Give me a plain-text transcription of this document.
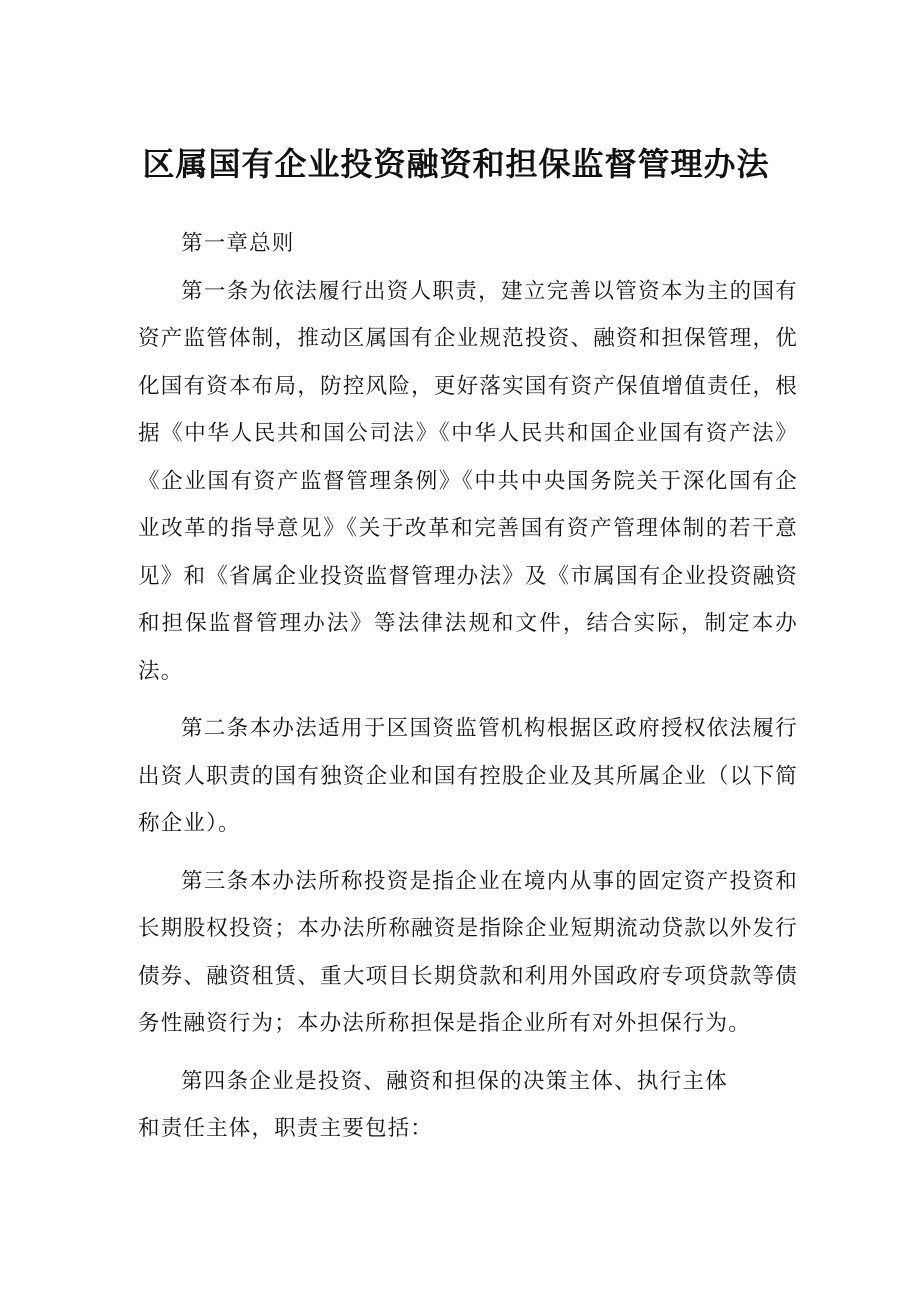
区属国有企业投资融资和担保监督管理办法

第一章总则

第一条为依法履行出资人职责，建立完善以管资本为主的国有资产监管体制，推动区属国有企业规范投资、融资和担保管理，优化国有资本布局，防控风险，更好落实国有资产保值增值责任，根据《中华人民共和国公司法》《中华人民共和国企业国有资产法》《企业国有资产监督管理条例》《中共中央国务院关于深化国有企业改革的指导意见》《关于改革和完善国有资产管理体制的若干意见》和《省属企业投资监督管理办法》及《市属国有企业投资融资和担保监督管理办法》等法律法规和文件，结合实际，制定本办法。

第二条本办法适用于区国资监管机构根据区政府授权依法履行出资人职责的国有独资企业和国有控股企业及其所属企业（以下简称企业）。

第三条本办法所称投资是指企业在境内从事的固定资产投资和长期股权投资；本办法所称融资是指除企业短期流动贷款以外发行债券、融资租赁、重大项目长期贷款和利用外国政府专项贷款等债务性融资行为；本办法所称担保是指企业所有对外担保行为。

第四条企业是投资、融资和担保的决策主体、执行主体和责任主体，职责主要包括：
